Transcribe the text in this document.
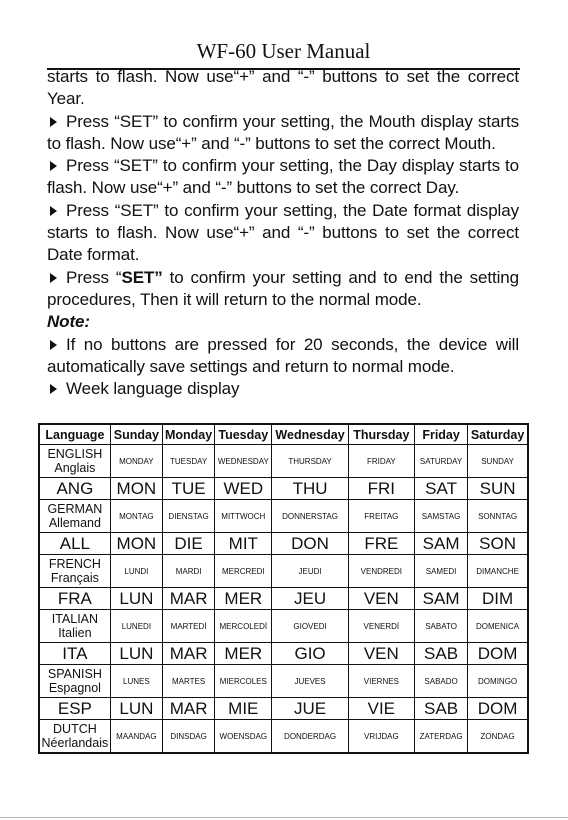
WF-60 User Manual

starts to flash. Now use“+” and “-” buttons to set the correct Year.

Press “SET” to confirm your setting, the Mouth display starts to flash. Now use“+” and “-” buttons to set the correct Mouth.

Press “SET” to confirm your setting, the Day display starts to flash. Now use“+” and “-” buttons to set the correct Day.

Press “SET” to confirm your setting, the Date format display starts to flash. Now use“+” and “-” buttons to set the correct Date format.

Press “SET” to confirm your setting and to end the setting procedures, Then it will return to the normal mode.

Note:

If no buttons are pressed for 20 seconds, the device will automatically save settings and return to normal mode.

Week language display

Language	Sunday	Monday	Tuesday	Wednesday	Thursday	Friday	Saturday
ENGLISH
Anglais	MONDAY	TUESDAY	WEDNESDAY	THURSDAY	FRIDAY	SATURDAY	SUNDAY
ANG	MON	TUE	WED	THU	FRI	SAT	SUN
GERMAN
Allemand	MONTAG	DIENSTAG	MITTWOCH	DONNERSTAG	FREITAG	SAMSTAG	SONNTAG
ALL	MON	DIE	MIT	DON	FRE	SAM	SON
FRENCH
Français	LUNDI	MARDI	MERCREDI	JEUDI	VENDREDI	SAMEDI	DIMANCHE
FRA	LUN	MAR	MER	JEU	VEN	SAM	DIM
ITALIAN
Italien	LUNEDI	MARTEDİ	MERCOLEDİ	GIOVEDI	VENERDİ	SABATO	DOMENICA
ITA	LUN	MAR	MER	GIO	VEN	SAB	DOM
SPANISH
Espagnol	LUNES	MARTES	MIERCOLES	JUEVES	VIERNES	SABADO	DOMINGO
ESP	LUN	MAR	MIE	JUE	VIE	SAB	DOM
DUTCH
Néerlandais	MAANDAG	DINSDAG	WOENSDAG	DONDERDAG	VRIJDAG	ZATERDAG	ZONDAG
